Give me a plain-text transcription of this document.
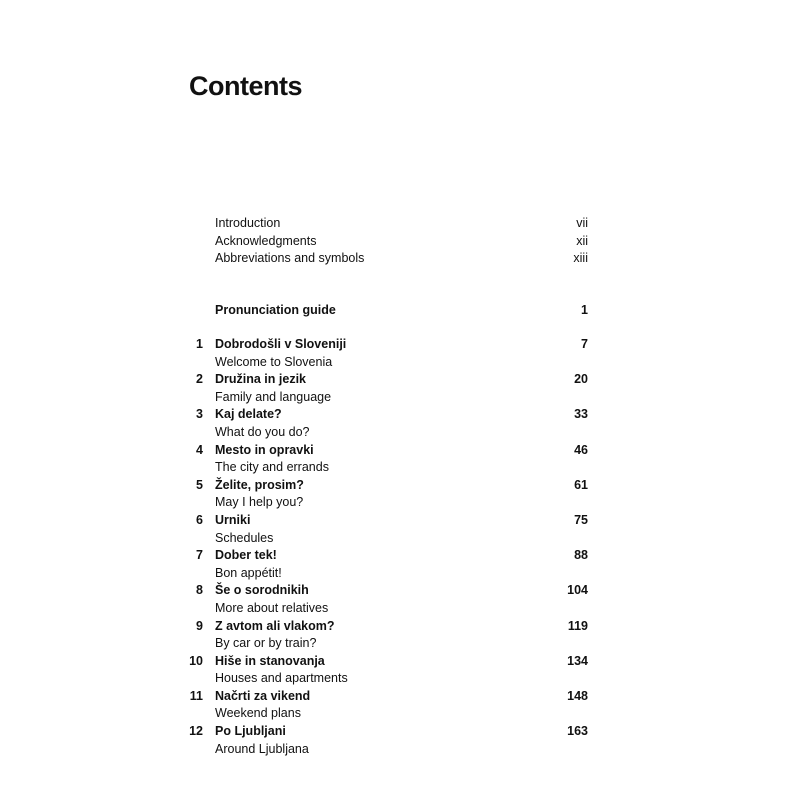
Contents
Introduction	vii
Acknowledgments	xii
Abbreviations and symbols	xiii
Pronunciation guide	1
1 Dobrodošli v Sloveniji	7
Welcome to Slovenia
2 Družina in jezik	20
Family and language
3 Kaj delate?	33
What do you do?
4 Mesto in opravki	46
The city and errands
5 Želite, prosim?	61
May I help you?
6 Urniki	75
Schedules
7 Dober tek!	88
Bon appétit!
8 Še o sorodnikih	104
More about relatives
9 Z avtom ali vlakom?	119
By car or by train?
10 Hiše in stanovanja	134
Houses and apartments
11 Načrti za vikend	148
Weekend plans
12 Po Ljubljani	163
Around Ljubljana
